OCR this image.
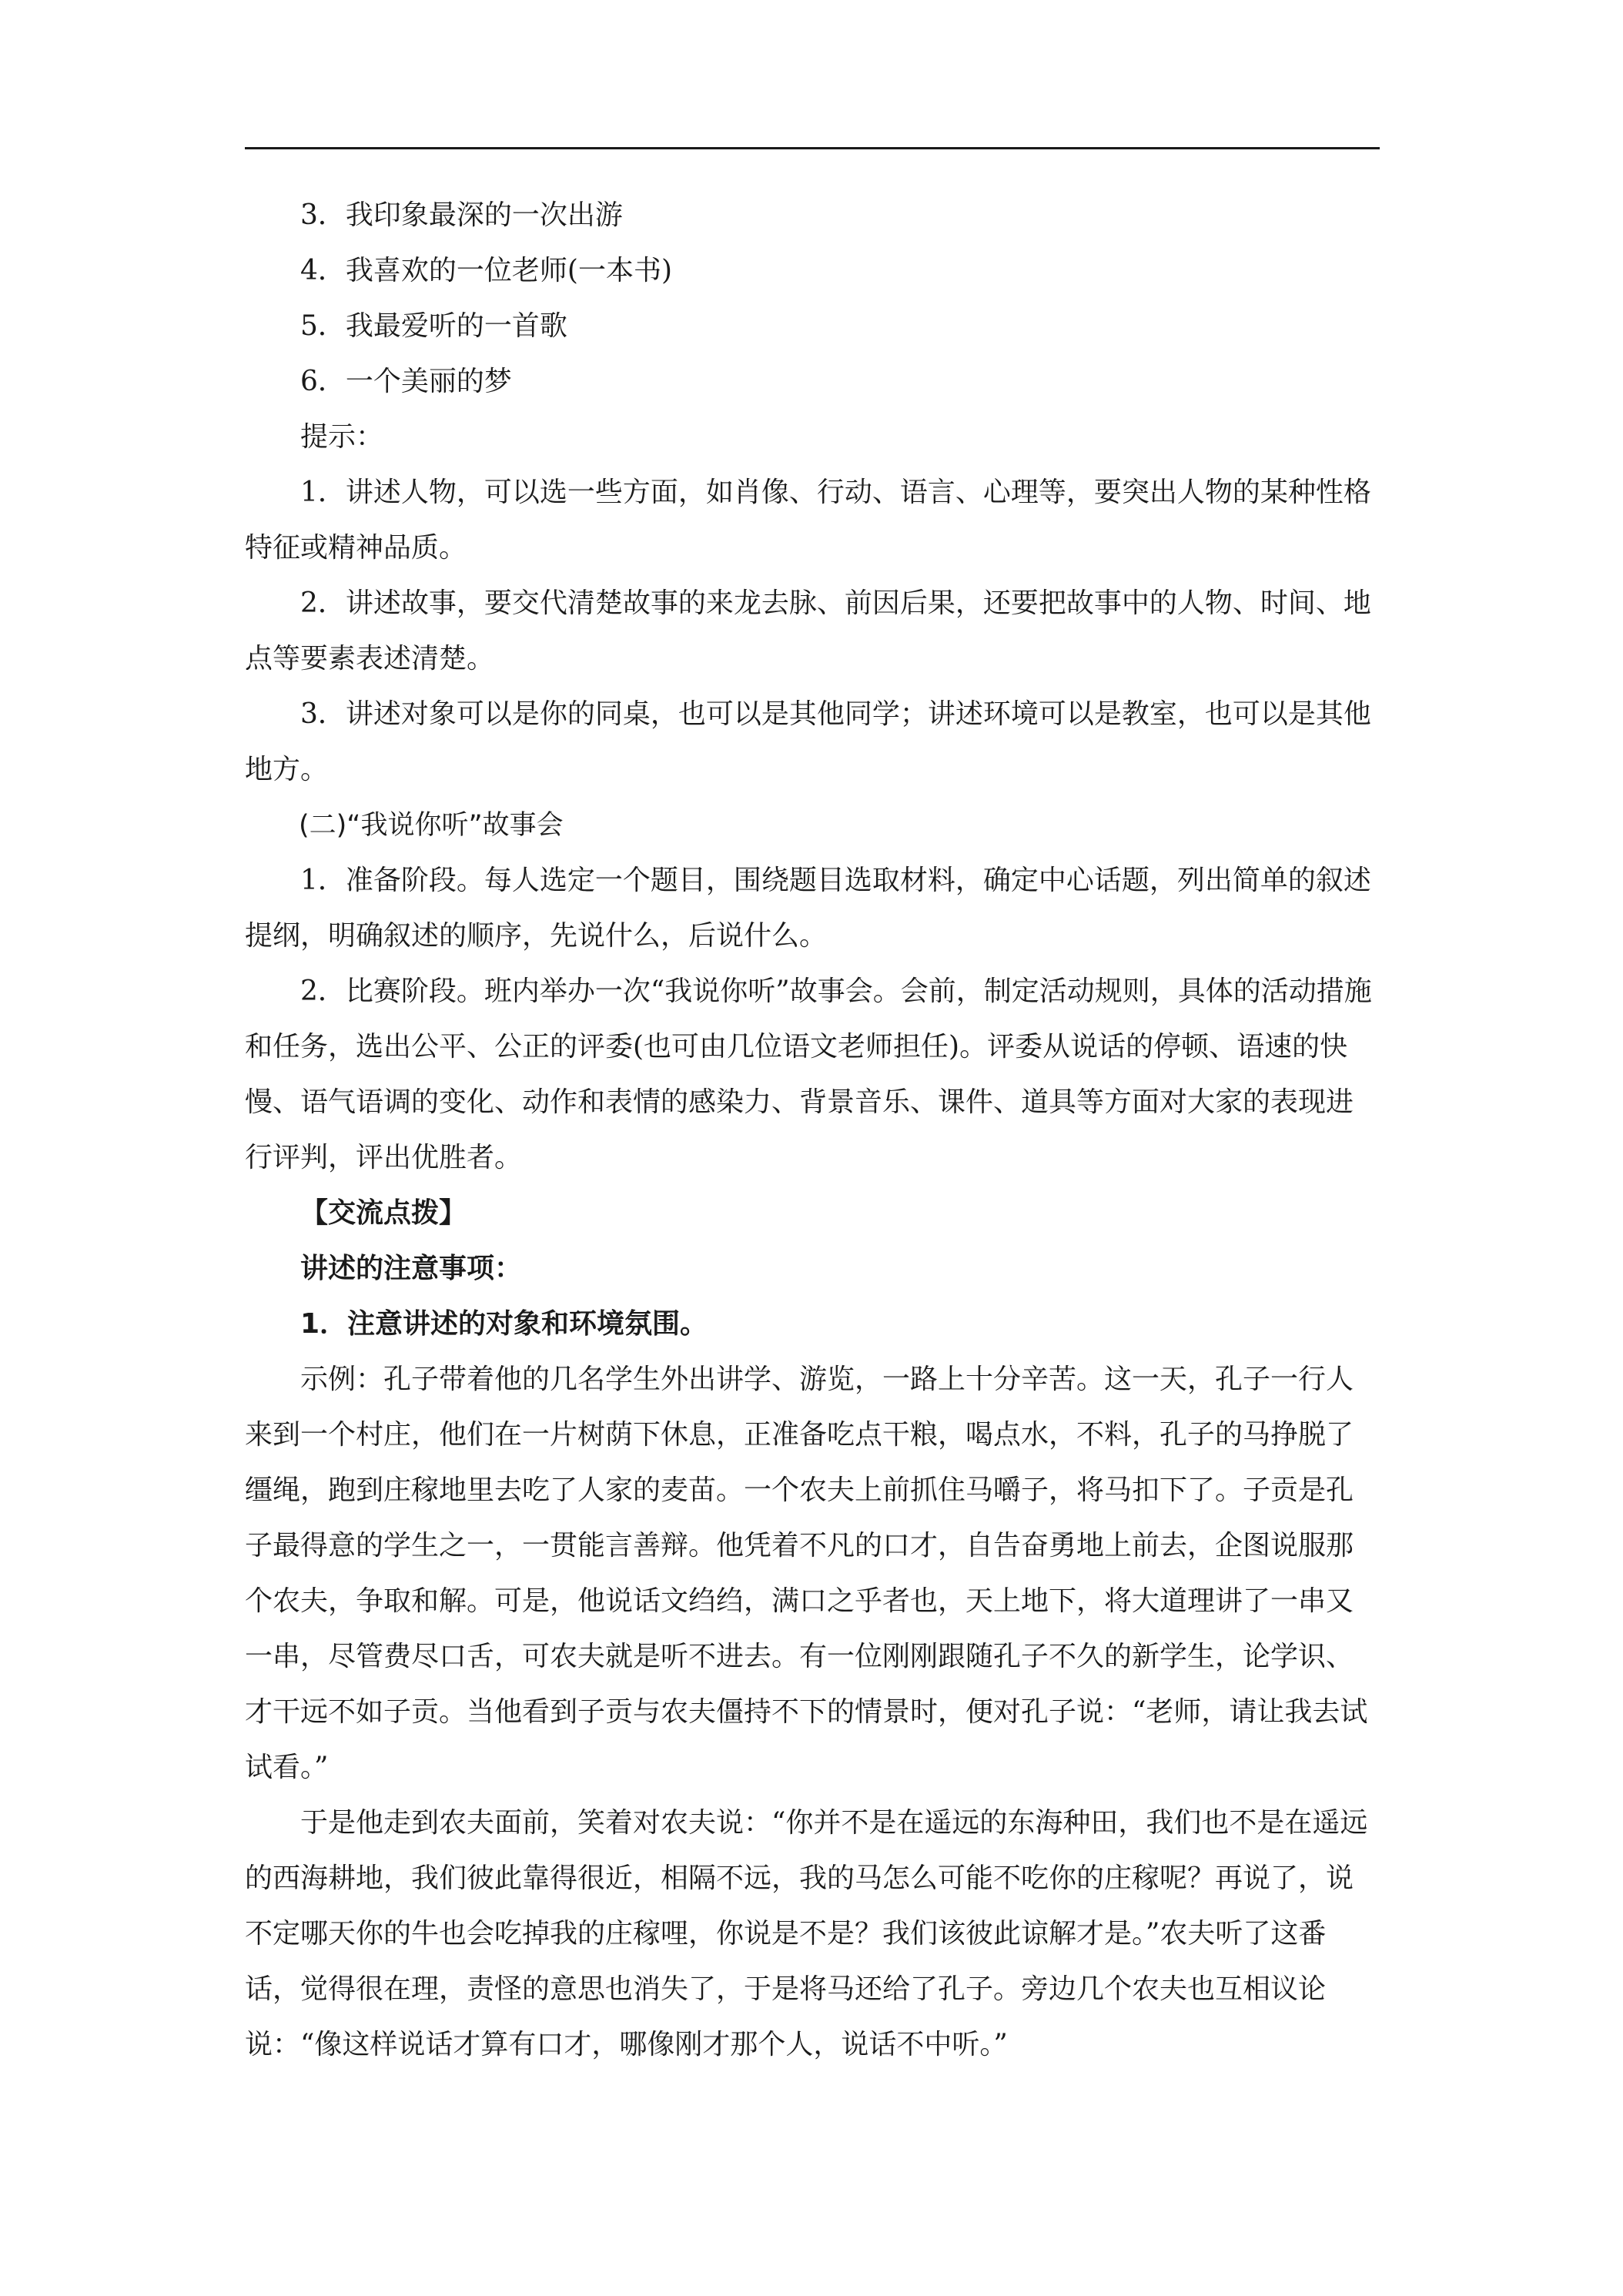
3．我印象最深的一次出游

4．我喜欢的一位老师(一本书)

5．我最爱听的一首歌

6．一个美丽的梦

提示：

1．讲述人物，可以选一些方面，如肖像、行动、语言、心理等，要突出人物的某种性格特征或精神品质。

2．讲述故事，要交代清楚故事的来龙去脉、前因后果，还要把故事中的人物、时间、地点等要素表述清楚。

3．讲述对象可以是你的同桌，也可以是其他同学；讲述环境可以是教室，也可以是其他地方。

(二)“我说你听”故事会

1．准备阶段。每人选定一个题目，围绕题目选取材料，确定中心话题，列出简单的叙述提纲，明确叙述的顺序，先说什么，后说什么。

2．比赛阶段。班内举办一次“我说你听”故事会。会前，制定活动规则，具体的活动措施和任务，选出公平、公正的评委(也可由几位语文老师担任)。评委从说话的停顿、语速的快慢、语气语调的变化、动作和表情的感染力、背景音乐、课件、道具等方面对大家的表现进行评判，评出优胜者。

【交流点拨】

讲述的注意事项：

1．注意讲述的对象和环境氛围。

示例：孔子带着他的几名学生外出讲学、游览，一路上十分辛苦。这一天，孔子一行人来到一个村庄，他们在一片树荫下休息，正准备吃点干粮，喝点水，不料，孔子的马挣脱了缰绳，跑到庄稼地里去吃了人家的麦苗。一个农夫上前抓住马嚼子，将马扣下了。子贡是孔子最得意的学生之一，一贯能言善辩。他凭着不凡的口才，自告奋勇地上前去，企图说服那个农夫，争取和解。可是，他说话文绉绉，满口之乎者也，天上地下，将大道理讲了一串又一串，尽管费尽口舌，可农夫就是听不进去。有一位刚刚跟随孔子不久的新学生，论学识、才干远不如子贡。当他看到子贡与农夫僵持不下的情景时，便对孔子说：“老师，请让我去试试看。”

于是他走到农夫面前，笑着对农夫说：“你并不是在遥远的东海种田，我们也不是在遥远的西海耕地，我们彼此靠得很近，相隔不远，我的马怎么可能不吃你的庄稼呢？再说了，说不定哪天你的牛也会吃掉我的庄稼哩，你说是不是？我们该彼此谅解才是。”农夫听了这番话，觉得很在理，责怪的意思也消失了，于是将马还给了孔子。旁边几个农夫也互相议论说：“像这样说话才算有口才，哪像刚才那个人，说话不中听。”
